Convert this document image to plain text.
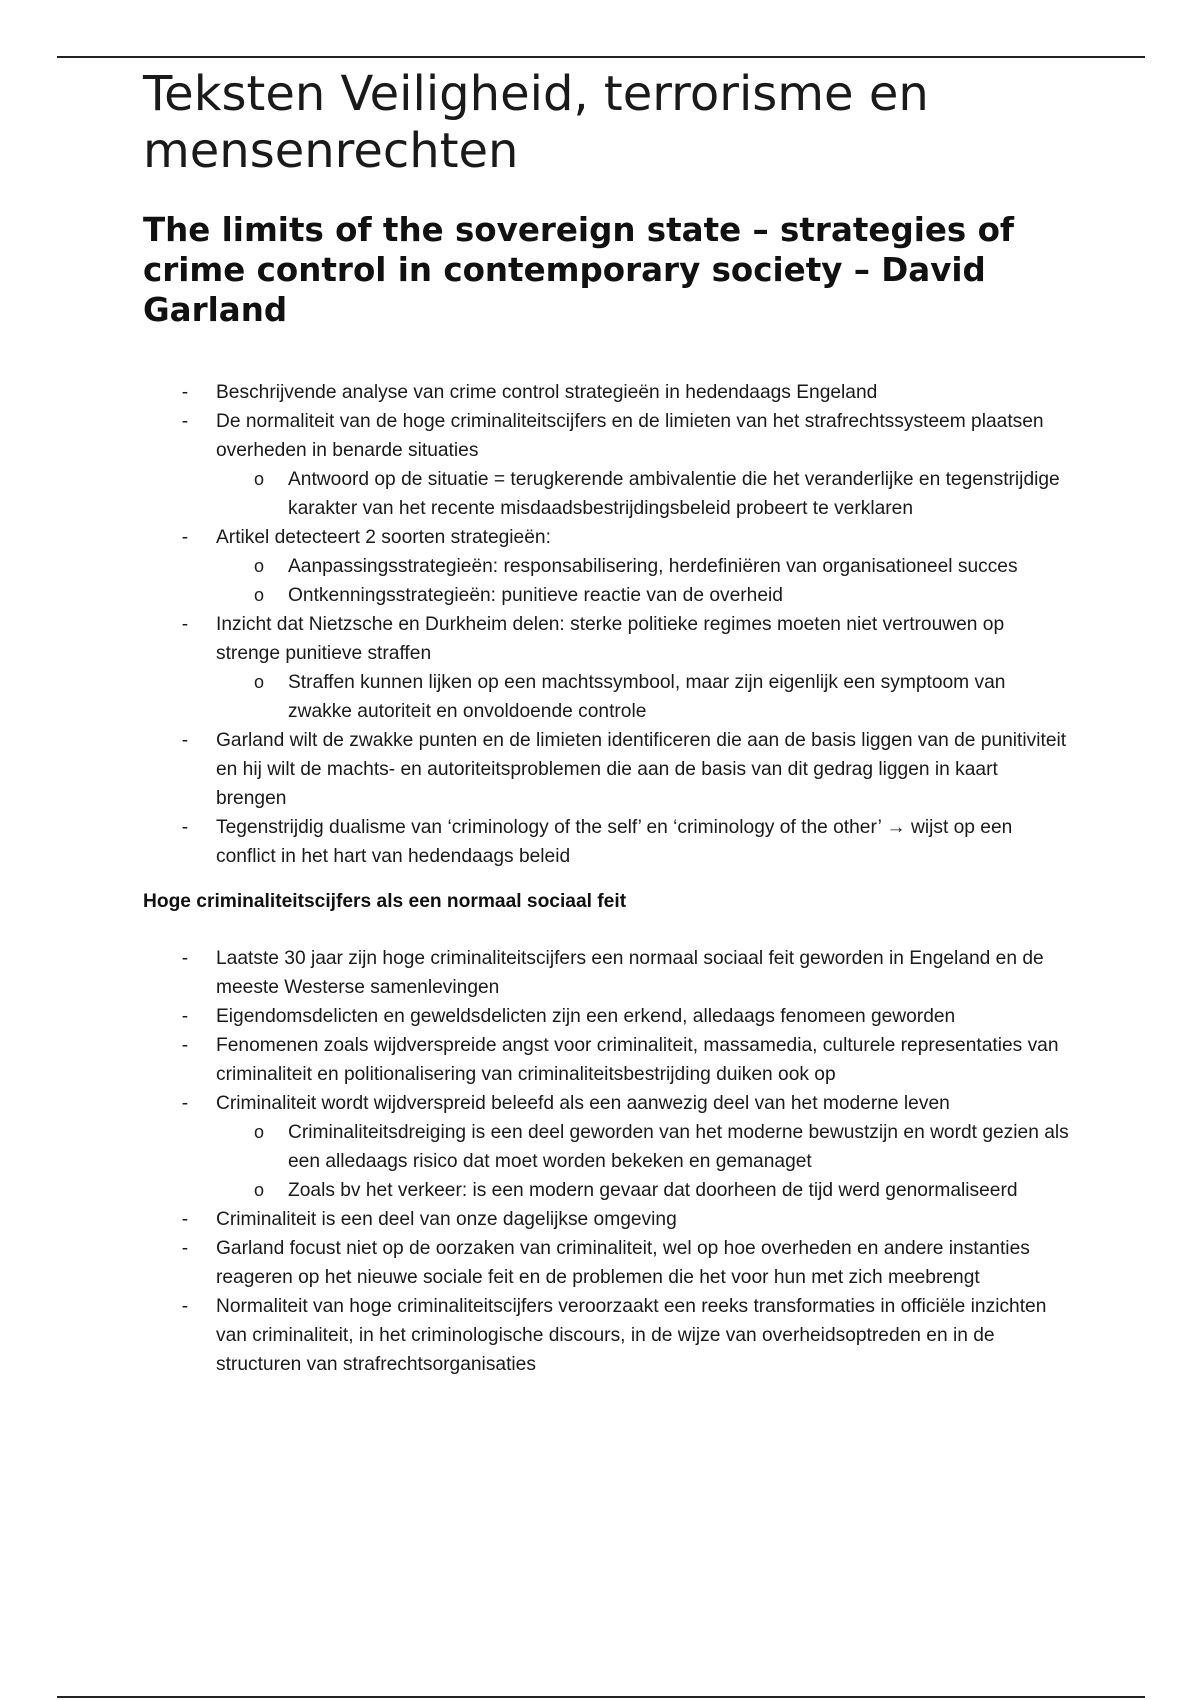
Teksten Veiligheid, terrorisme en mensenrechten
The limits of the sovereign state – strategies of crime control in contemporary society – David Garland
- Beschrijvende analyse van crime control strategieën in hedendaags Engeland
- De normaliteit van de hoge criminaliteitscijfers en de limieten van het strafrechtssysteem plaatsen overheden in benarde situaties
o Antwoord op de situatie = terugkerende ambivalentie die het veranderlijke en tegenstrijdige karakter van het recente misdaadsbestrijdingsbeleid probeert te verklaren
- Artikel detecteert 2 soorten strategieën:
o Aanpassingsstrategieën: responsabilisering, herdefiniëren van organisationeel succes
o Ontkenningsstrategieën: punitieve reactie van de overheid
- Inzicht dat Nietzsche en Durkheim delen: sterke politieke regimes moeten niet vertrouwen op strenge punitieve straffen
o Straffen kunnen lijken op een machtssymbool, maar zijn eigenlijk een symptoom van zwakke autoriteit en onvoldoende controle
- Garland wilt de zwakke punten en de limieten identificeren die aan de basis liggen van de punitiviteit en hij wilt de machts- en autoriteitsproblemen die aan de basis van dit gedrag liggen in kaart brengen
- Tegenstrijdig dualisme van ‘criminology of the self’ en ‘criminology of the other’ → wijst op een conflict in het hart van hedendaags beleid
Hoge criminaliteitscijfers als een normaal sociaal feit
- Laatste 30 jaar zijn hoge criminaliteitscijfers een normaal sociaal feit geworden in Engeland en de meeste Westerse samenlevingen
- Eigendomsdelicten en geweldsdelicten zijn een erkend, alledaags fenomeen geworden
- Fenomenen zoals wijdverspreide angst voor criminaliteit, massamedia, culturele representaties van criminaliteit en politionalisering van criminaliteitsbestrijding duiken ook op
- Criminaliteit wordt wijdverspreid beleefd als een aanwezig deel van het moderne leven
o Criminaliteitsdreiging is een deel geworden van het moderne bewustzijn en wordt gezien als een alledaags risico dat moet worden bekeken en gemanaget
o Zoals bv het verkeer: is een modern gevaar dat doorheen de tijd werd genormaliseerd
- Criminaliteit is een deel van onze dagelijkse omgeving
- Garland focust niet op de oorzaken van criminaliteit, wel op hoe overheden en andere instanties reageren op het nieuwe sociale feit en de problemen die het voor hun met zich meebrengt
- Normaliteit van hoge criminaliteitscijfers veroorzaakt een reeks transformaties in officiële inzichten van criminaliteit, in het criminologische discours, in de wijze van overheidsoptreden en in de structuren van strafrechtsorganisaties
